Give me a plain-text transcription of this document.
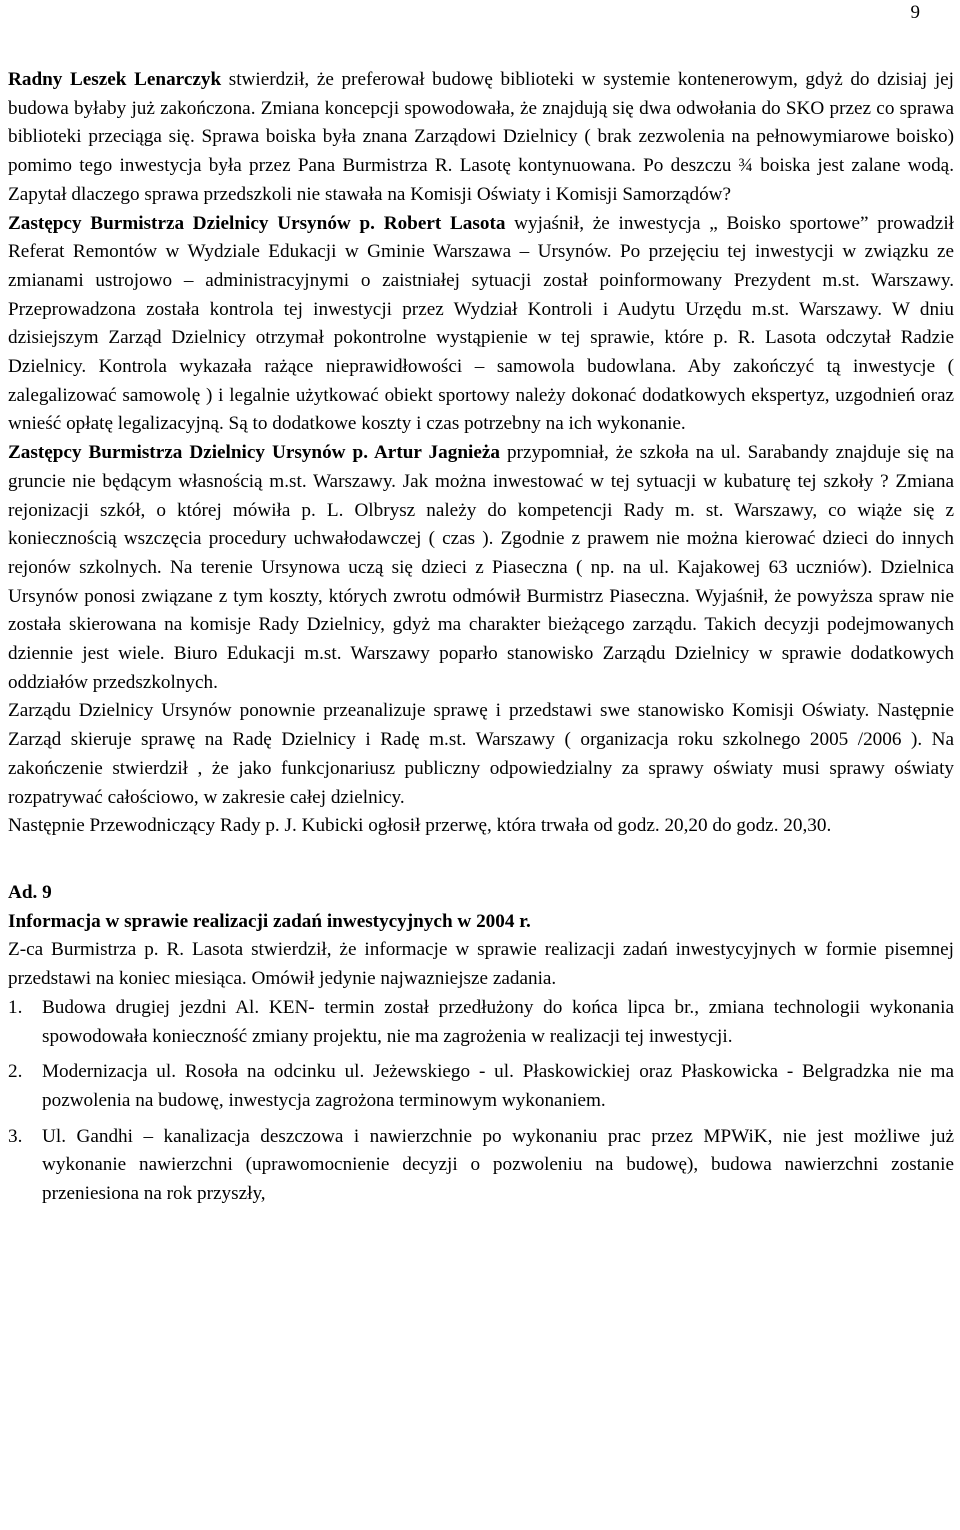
9

Radny Leszek Lenarczyk stwierdził, że preferował budowę biblioteki w systemie kontenerowym, gdyż do dzisiaj jej budowa byłaby już zakończona. Zmiana koncepcji spowodowała, że znajdują się dwa odwołania do SKO przez co sprawa biblioteki przeciąga się. Sprawa boiska była znana Zarządowi Dzielnicy ( brak zezwolenia na pełnowymiarowe boisko) pomimo tego inwestycja była przez Pana Burmistrza R. Lasotę kontynuowana. Po deszczu ¾ boiska jest zalane wodą. Zapytał dlaczego sprawa przedszkoli nie stawała na Komisji Oświaty i Komisji Samorządów?

Zastępcy Burmistrza Dzielnicy Ursynów p. Robert Lasota wyjaśnił, że inwestycja „ Boisko sportowe” prowadził Referat Remontów w Wydziale Edukacji w Gminie Warszawa – Ursynów. Po przejęciu tej inwestycji w związku ze zmianami ustrojowo – administracyjnymi o zaistniałej sytuacji został poinformowany Prezydent m.st. Warszawy. Przeprowadzona została kontrola tej inwestycji przez Wydział Kontroli i Audytu Urzędu m.st. Warszawy. W dniu dzisiejszym Zarząd Dzielnicy otrzymał pokontrolne wystąpienie w tej sprawie, które p. R. Lasota odczytał Radzie Dzielnicy. Kontrola wykazała rażące nieprawidłowości – samowola budowlana. Aby zakończyć tą inwestycje ( zalegalizować samowolę ) i legalnie użytkować obiekt sportowy należy dokonać dodatkowych ekspertyz, uzgodnień oraz wnieść opłatę legalizacyjną. Są to dodatkowe koszty i czas potrzebny na ich wykonanie.

Zastępcy Burmistrza Dzielnicy Ursynów p. Artur Jagnieża przypomniał, że szkoła na ul. Sarabandy znajduje się na gruncie nie będącym własnością m.st. Warszawy. Jak można inwestować w tej sytuacji w kubaturę tej szkoły ? Zmiana rejonizacji szkół, o której mówiła p. L. Olbrysz należy do kompetencji Rady m. st. Warszawy, co wiąże się z koniecznością wszczęcia procedury uchwałodawczej ( czas ). Zgodnie z prawem nie można kierować dzieci do innych rejonów szkolnych. Na terenie Ursynowa uczą się dzieci z Piaseczna ( np. na ul. Kajakowej 63 uczniów). Dzielnica Ursynów ponosi związane z tym koszty, których zwrotu odmówił Burmistrz Piaseczna. Wyjaśnił, że powyższa spraw nie została skierowana na komisje Rady Dzielnicy, gdyż ma charakter bieżącego zarządu. Takich decyzji podejmowanych dziennie jest wiele. Biuro Edukacji m.st. Warszawy poparło stanowisko Zarządu Dzielnicy w sprawie dodatkowych oddziałów przedszkolnych.

Zarządu Dzielnicy Ursynów ponownie przeanalizuje sprawę i przedstawi swe stanowisko Komisji Oświaty. Następnie Zarząd skieruje sprawę na Radę Dzielnicy i Radę m.st. Warszawy ( organizacja roku szkolnego 2005 /2006 ). Na zakończenie stwierdził , że jako funkcjonariusz publiczny odpowiedzialny za sprawy oświaty musi sprawy oświaty rozpatrywać całościowo, w zakresie całej dzielnicy.

Następnie Przewodniczący Rady p. J. Kubicki ogłosił przerwę, która trwała od godz. 20,20 do godz. 20,30.

Ad. 9

Informacja w sprawie realizacji zadań inwestycyjnych w 2004 r.

Z-ca Burmistrza p. R. Lasota stwierdził, że informacje w sprawie realizacji zadań inwestycyjnych w formie pisemnej przedstawi na koniec miesiąca. Omówił jedynie najwazniejsze zadania.

1.	Budowa drugiej jezdni Al. KEN- termin został przedłużony do końca lipca br., zmiana technologii wykonania spowodowała konieczność zmiany projektu, nie ma zagrożenia w realizacji tej inwestycji.
2.	Modernizacja ul. Rosoła na odcinku ul. Jeżewskiego - ul. Płaskowickiej oraz Płaskowicka - Belgradzka nie ma pozwolenia na budowę, inwestycja zagrożona terminowym wykonaniem.
3.	Ul. Gandhi – kanalizacja deszczowa i nawierzchnie po wykonaniu prac przez MPWiK, nie jest możliwe już wykonanie nawierzchni (uprawomocnienie decyzji o pozwoleniu na budowę), budowa nawierzchni zostanie przeniesiona na rok przyszły,
